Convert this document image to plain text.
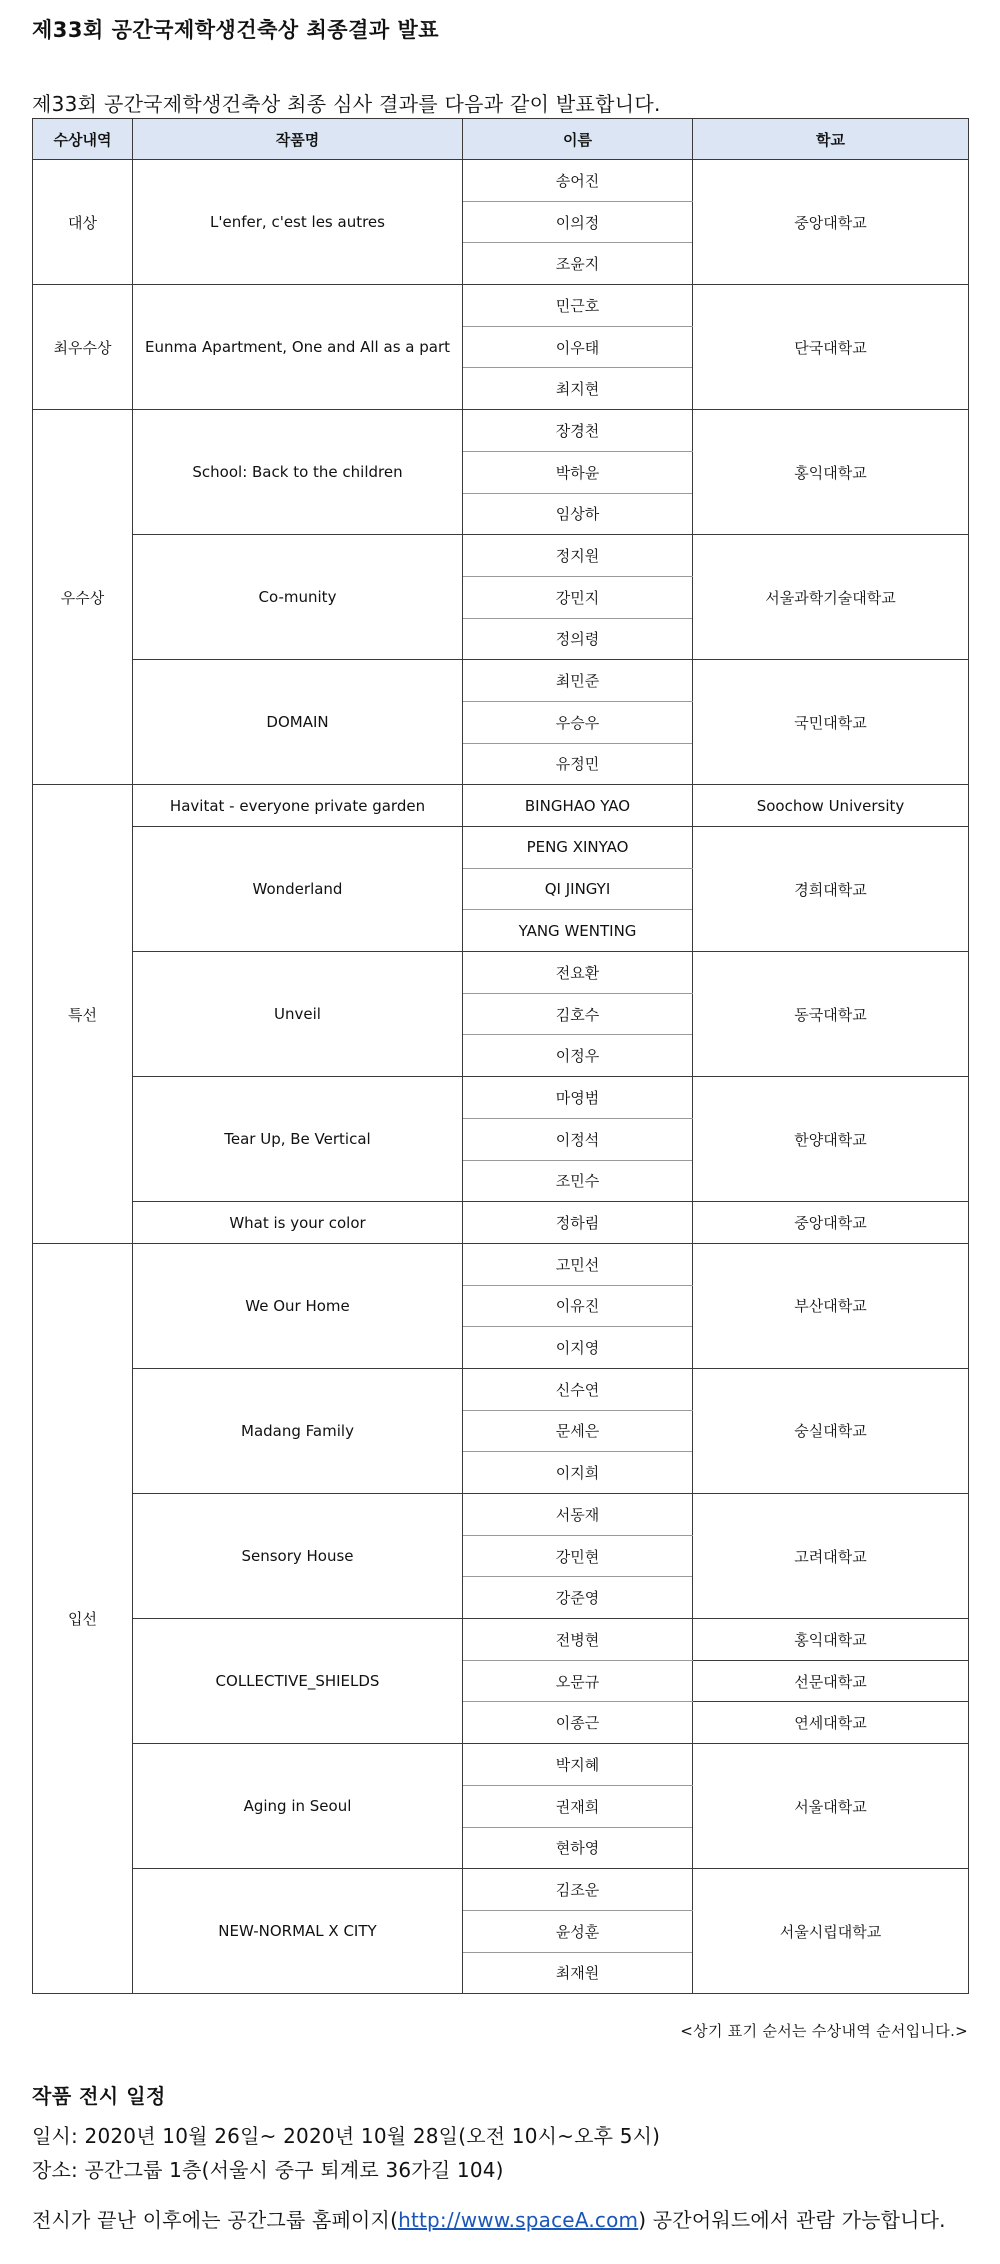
제33회 공간국제학생건축상 최종결과 발표
제33회 공간국제학생건축상 최종 심사 결과를 다음과 같이 발표합니다.
수상내역	작품명	이름	학교
대상	L'enfer, c'est les autres	송어진	중앙대학교
		이의정	
		조윤지	
최우수상	Eunma Apartment, One and All as a part	민근호	단국대학교
		이우태	
		최지현	
우수상	School: Back to the children	장경천	홍익대학교
		박하윤	
		임상하	
	Co-munity	정지원	서울과학기술대학교
		강민지	
		정의령	
	DOMAIN	최민준	국민대학교
		우승우	
		유정민	
특선	Havitat - everyone private garden	BINGHAO YAO	Soochow University
	Wonderland	PENG XINYAO	경희대학교
		QI JINGYI	
		YANG WENTING	
	Unveil	전요환	동국대학교
		김호수	
		이정우	
	Tear Up, Be Vertical	마영범	한양대학교
		이정석	
		조민수	
	What is your color	정하림	중앙대학교
입선	We Our Home	고민선	부산대학교
		이유진	
		이지영	
	Madang Family	신수연	숭실대학교
		문세은	
		이지희	
	Sensory House	서동재	고려대학교
		강민현	
		강준영	
	COLLECTIVE_SHIELDS	전병현	홍익대학교
		오문규	선문대학교
		이종근	연세대학교
	Aging in Seoul	박지혜	서울대학교
		권재희	
		현하영	
	NEW-NORMAL X CITY	김조운	서울시립대학교
		윤성훈	
		최재원	
<상기 표기 순서는 수상내역 순서입니다.>
작품 전시 일정
일시: 2020년 10월 26일~ 2020년 10월 28일(오전 10시~오후 5시)
장소: 공간그룹 1층(서울시 중구 퇴계로 36가길 104)
전시가 끝난 이후에는 공간그룹 홈페이지(http://www.spaceA.com) 공간어워드에서 관람 가능합니다.
